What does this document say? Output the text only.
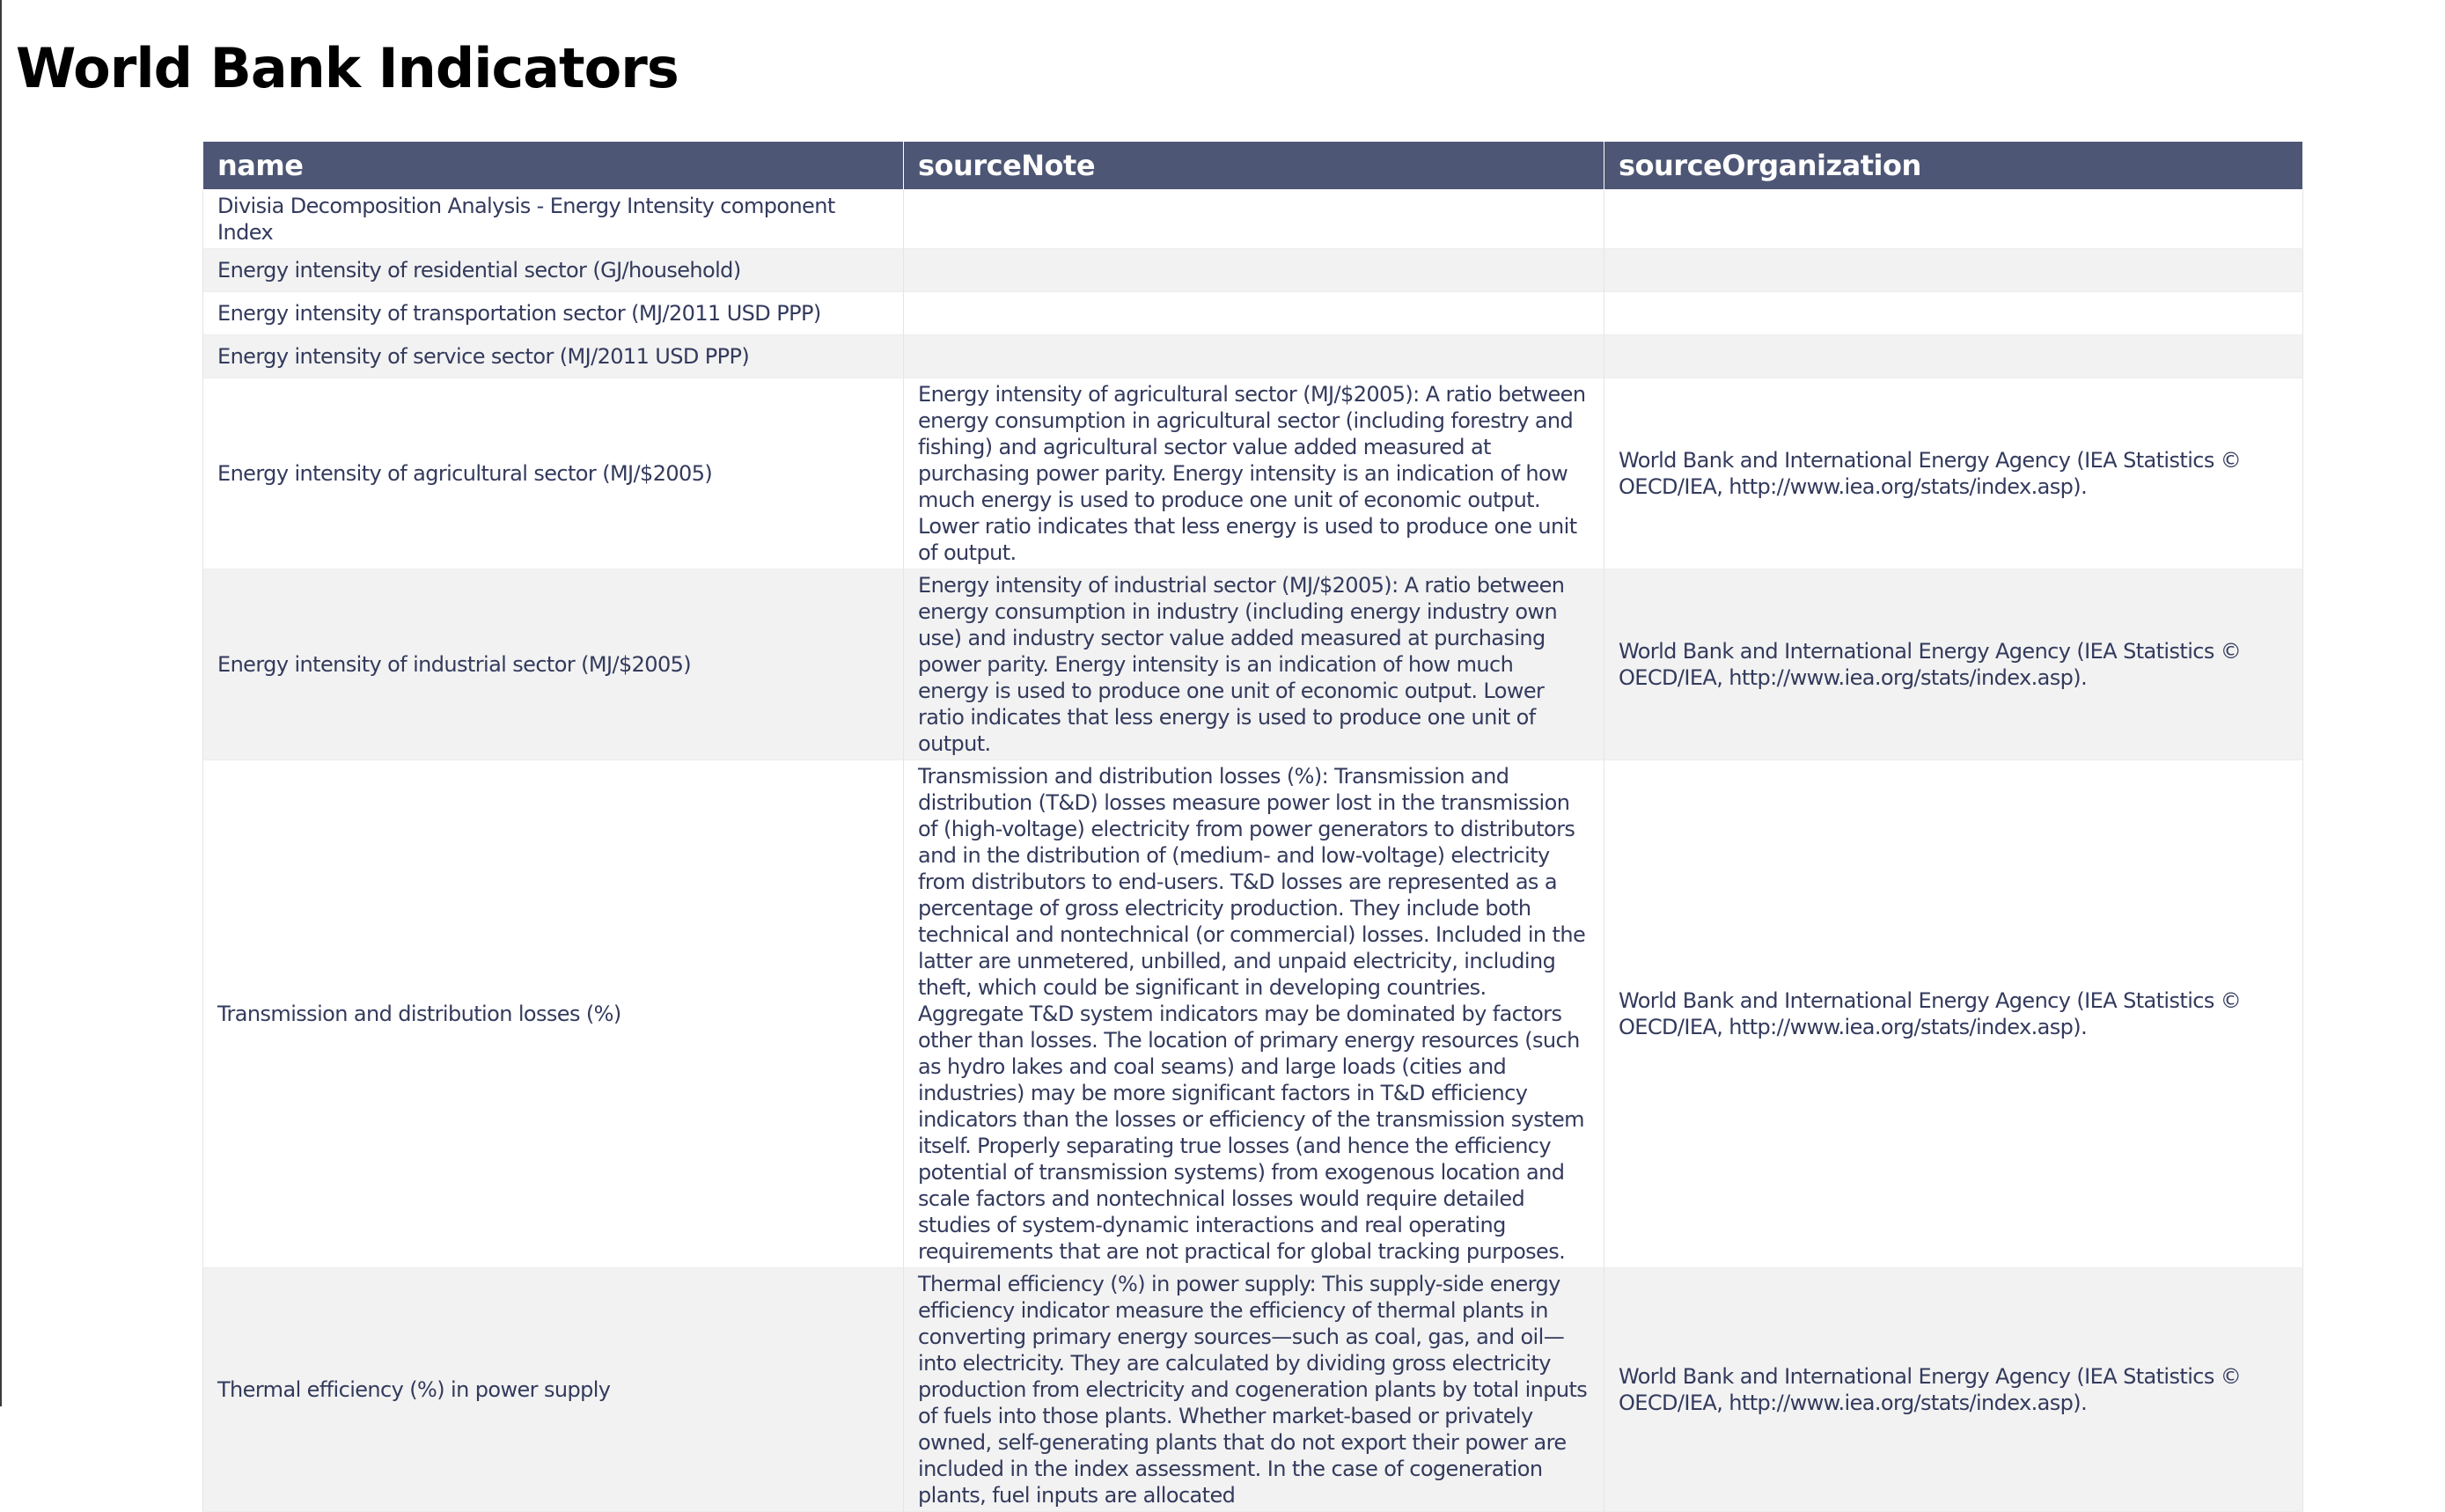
World Bank Indicators
name	sourceNote	sourceOrganization
Divisia Decomposition Analysis - Energy Intensity component Index		
Energy intensity of residential sector (GJ/household)		
Energy intensity of transportation sector (MJ/2011 USD PPP)		
Energy intensity of service sector (MJ/2011 USD PPP)		
Energy intensity of agricultural sector (MJ/$2005)	Energy intensity of agricultural sector (MJ/$2005): A ratio between energy consumption in agricultural sector (including forestry and fishing) and agricultural sector value added measured at purchasing power parity. Energy intensity is an indication of how much energy is used to produce one unit of economic output. Lower ratio indicates that less energy is used to produce one unit of output.	World Bank and International Energy Agency (IEA Statistics © OECD/IEA, http://www.iea.org/stats/index.asp).
Energy intensity of industrial sector (MJ/$2005)	Energy intensity of industrial sector (MJ/$2005): A ratio between energy consumption in industry (including energy industry own use) and industry sector value added measured at purchasing power parity. Energy intensity is an indication of how much energy is used to produce one unit of economic output. Lower ratio indicates that less energy is used to produce one unit of output.	World Bank and International Energy Agency (IEA Statistics © OECD/IEA, http://www.iea.org/stats/index.asp).
Transmission and distribution losses (%)	Transmission and distribution losses (%): Transmission and distribution (T&D) losses measure power lost in the transmission of (high-voltage) electricity from power generators to distributors and in the distribution of (medium- and low-voltage) electricity from distributors to end-users. T&D losses are represented as a percentage of gross electricity production. They include both technical and nontechnical (or commercial) losses. Included in the latter are unmetered, unbilled, and unpaid electricity, including theft, which could be significant in developing countries. Aggregate T&D system indicators may be dominated by factors other than losses. The location of primary energy resources (such as hydro lakes and coal seams) and large loads (cities and industries) may be more significant factors in T&D efficiency indicators than the losses or efficiency of the transmission system itself. Properly separating true losses (and hence the efficiency potential of transmission systems) from exogenous location and scale factors and nontechnical losses would require detailed studies of system-dynamic interactions and real operating requirements that are not practical for global tracking purposes.	World Bank and International Energy Agency (IEA Statistics © OECD/IEA, http://www.iea.org/stats/index.asp).
Thermal efficiency (%) in power supply	Thermal efficiency (%) in power supply: This supply-side energy efficiency indicator measure the efficiency of thermal plants in converting primary energy sources—such as coal, gas, and oil—into electricity. They are calculated by dividing gross electricity production from electricity and cogeneration plants by total inputs of fuels into those plants. Whether market-based or privately owned, self-generating plants that do not export their power are included in the index assessment. In the case of cogeneration plants, fuel inputs are allocated	World Bank and International Energy Agency (IEA Statistics © OECD/IEA, http://www.iea.org/stats/index.asp).
